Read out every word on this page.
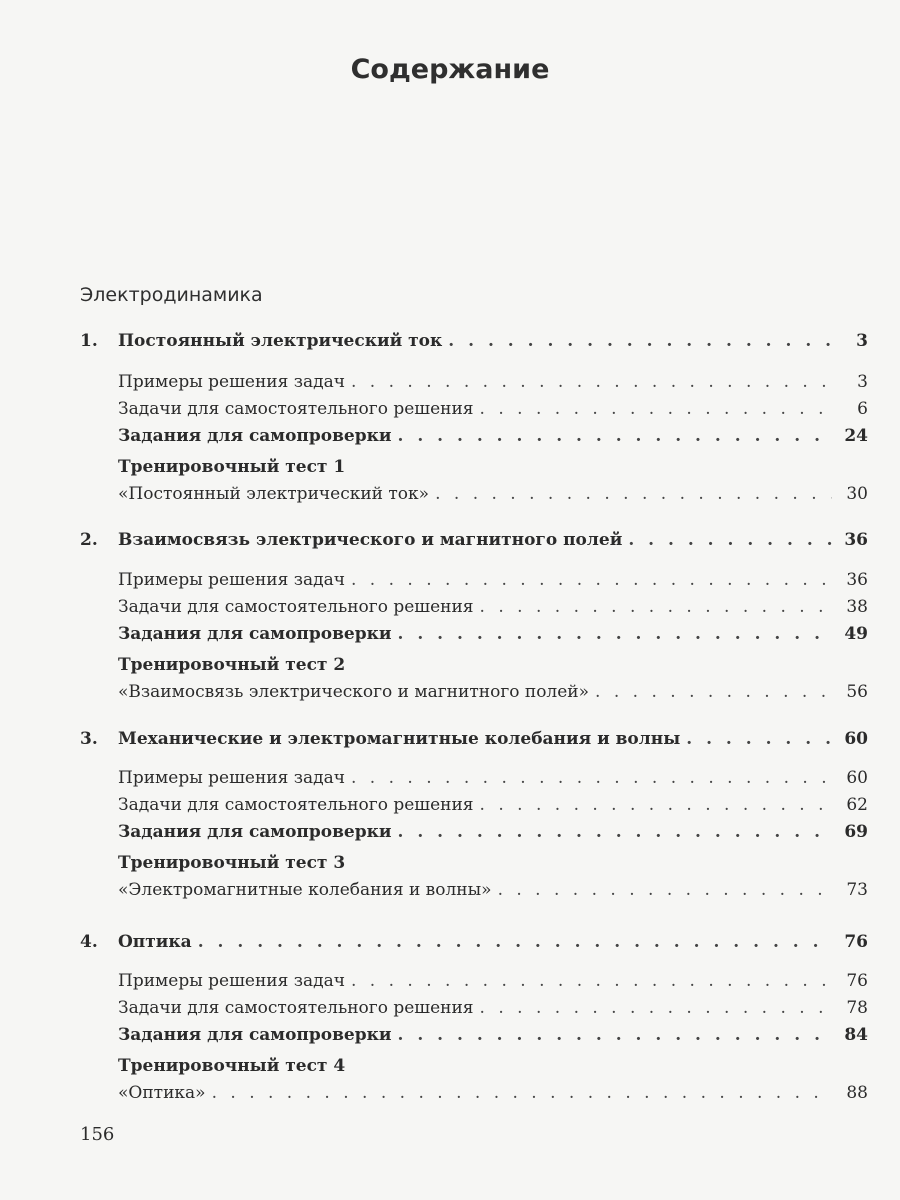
Содержание
Электродинамика
1. Постоянный электрический ток . . .	3
Примеры решения задач . . .	3
Задачи для самостоятельного решения . . .	6
Задания для самопроверки . . .	24
Тренировочный тест 1
«Постоянный электрический ток» . . .	30
2. Взаимосвязь электрического и магнитного полей . . .	36
Примеры решения задач . . .	36
Задачи для самостоятельного решения . . .	38
Задания для самопроверки . . .	49
Тренировочный тест 2
«Взаимосвязь электрического и магнитного полей» . . .	56
3. Механические и электромагнитные колебания и волны . . .	60
Примеры решения задач . . .	60
Задачи для самостоятельного решения . . .	62
Задания для самопроверки . . .	69
Тренировочный тест 3
«Электромагнитные колебания и волны» . . .	73
4. Оптика . . .	76
Примеры решения задач . . .	76
Задачи для самостоятельного решения . . .	78
Задания для самопроверки . . .	84
Тренировочный тест 4
«Оптика» . . .	88
156
